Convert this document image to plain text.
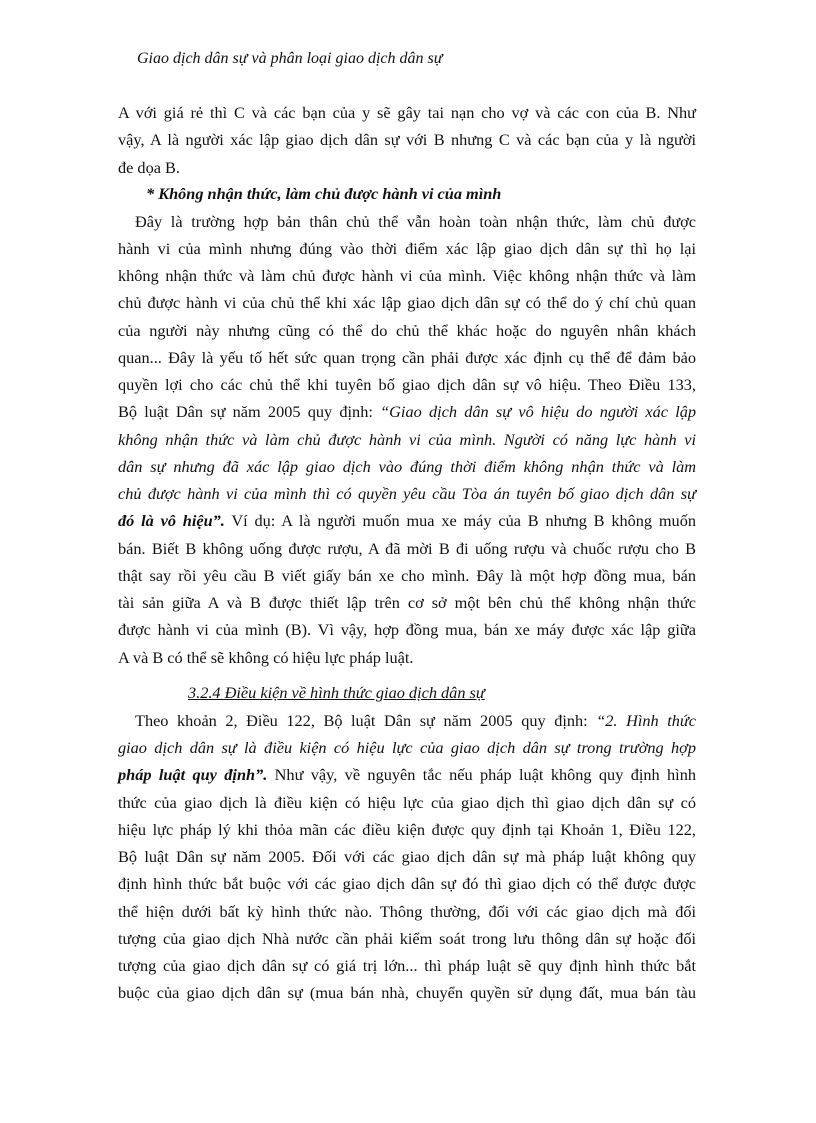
Giao dịch dân sự và phân loại giao dịch dân sự
A với giá rẻ thì C và các bạn của y sẽ gây tai nạn cho vợ và các con của B. Như
vậy, A là người xác lập giao dịch dân sự với B nhưng C và các bạn của y là người
đe dọa B.
* Không nhận thức, làm chủ được hành vi của mình
Đây là trường hợp bản thân chủ thể vẫn hoàn toàn nhận thức, làm chủ được
hành vi của mình nhưng đúng vào thời điểm xác lập giao dịch dân sự thì họ lại
không nhận thức và làm chủ được hành vi của mình. Việc không nhận thức và làm
chủ được hành vi của chủ thể khi xác lập giao dịch dân sự có thể do ý chí chủ quan
của người này nhưng cũng có thể do chủ thể khác hoặc do nguyên nhân khách
quan... Đây là yếu tố hết sức quan trọng cần phải được xác định cụ thể để đảm bảo
quyền lợi cho các chủ thể khi tuyên bố giao dịch dân sự vô hiệu. Theo Điều 133,
Bộ luật Dân sự năm 2005 quy định: “Giao dịch dân sự vô hiệu do người xác lập
không nhận thức và làm chủ được hành vi của mình. Người có năng lực hành vi
dân sự nhưng đã xác lập giao dịch vào đúng thời điểm không nhận thức và làm
chủ được hành vi của mình thì có quyền yêu cầu Tòa án tuyên bố giao dịch dân sự
đó là vô hiệu”. Ví dụ: A là người muốn mua xe máy của B nhưng B không muốn
bán. Biết B không uống được rượu, A đã mời B đi uống rượu và chuốc rượu cho B
thật say rồi yêu cầu B viết giấy bán xe cho mình. Đây là một hợp đồng mua, bán
tài sản giữa A và B được thiết lập trên cơ sở một bên chủ thể không nhận thức
được hành vi của mình (B). Vì vậy, hợp đồng mua, bán xe máy được xác lập giữa
A và B có thể sẽ không có hiệu lực pháp luật.
3.2.4 Điều kiện về hình thức giao dịch dân sự
Theo khoản 2, Điều 122, Bộ luật Dân sự năm 2005 quy định: “2. Hình thức
giao dịch dân sự là điều kiện có hiệu lực của giao dịch dân sự trong trường hợp
pháp luật quy định”. Như vậy, về nguyên tắc nếu pháp luật không quy định hình
thức của giao dịch là điều kiện có hiệu lực của giao dịch thì giao dịch dân sự có
hiệu lực pháp lý khi thỏa mãn các điều kiện được quy định tại Khoản 1, Điều 122,
Bộ luật Dân sự năm 2005. Đối với các giao dịch dân sự mà pháp luật không quy
định hình thức bắt buộc với các giao dịch dân sự đó thì giao dịch có thể được được
thể hiện dưới bất kỳ hình thức nào. Thông thường, đối với các giao dịch mà đối
tượng của giao dịch Nhà nước cần phải kiểm soát trong lưu thông dân sự hoặc đối
tượng của giao dịch dân sự có giá trị lớn... thì pháp luật sẽ quy định hình thức bắt
buộc của giao dịch dân sự (mua bán nhà, chuyển quyền sử dụng đất, mua bán tàu
